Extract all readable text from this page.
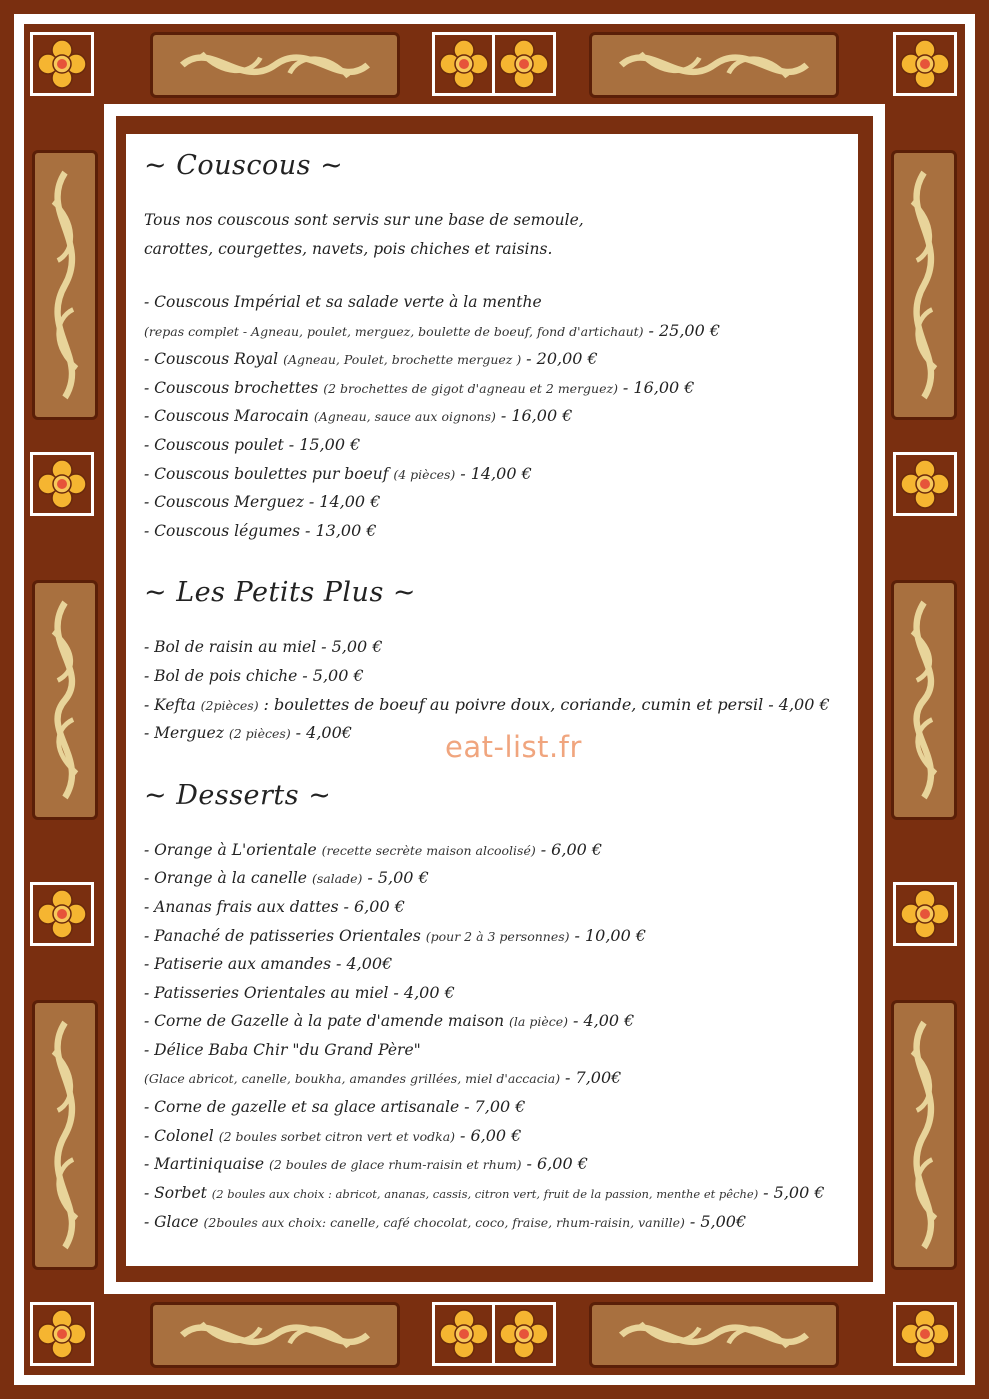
~ Couscous ~
Tous nos couscous sont servis sur une base de semoule,
carottes, courgettes, navets, pois chiches et raisins.
- Couscous Impérial et sa salade verte à la menthe
(repas complet - Agneau, poulet, merguez, boulette de boeuf, fond d'artichaut) - 25,00 €
- Couscous Royal (Agneau, Poulet, brochette merguez ) - 20,00 €
- Couscous brochettes (2 brochettes de gigot d'agneau et 2 merguez) - 16,00 €
- Couscous Marocain (Agneau, sauce aux oignons) - 16,00 €
- Couscous poulet - 15,00 €
- Couscous boulettes pur boeuf (4 pièces) - 14,00 €
- Couscous Merguez - 14,00 €
- Couscous légumes - 13,00 €
~ Les Petits Plus ~
- Bol de raisin au miel - 5,00 €
- Bol de pois chiche - 5,00 €
- Kefta (2pièces) : boulettes de boeuf au poivre doux, coriande, cumin et persil - 4,00 €
- Merguez (2 pièces) - 4,00€
~ Desserts ~
- Orange à L'orientale (recette secrète maison alcoolisé) - 6,00 €
- Orange à la canelle (salade) - 5,00 €
- Ananas frais aux dattes - 6,00 €
- Panaché de patisseries Orientales (pour 2 à 3 personnes) - 10,00 €
- Patiserie aux amandes - 4,00€
- Patisseries Orientales au miel - 4,00 €
- Corne de Gazelle à la pate d'amende maison (la pièce) - 4,00 €
- Délice Baba Chir "du Grand Père"
(Glace abricot, canelle, boukha, amandes grillées, miel d'accacia) - 7,00€
- Corne de gazelle et sa glace artisanale - 7,00 €
- Colonel (2 boules sorbet citron vert et vodka) - 6,00 €
- Martiniquaise (2 boules de glace rhum-raisin et rhum) - 6,00 €
- Sorbet (2 boules aux choix : abricot, ananas, cassis, citron vert, fruit de la passion, menthe et pêche) - 5,00 €
- Glace (2boules aux choix: canelle, café chocolat, coco, fraise, rhum-raisin, vanille) - 5,00€
eat-list.fr
